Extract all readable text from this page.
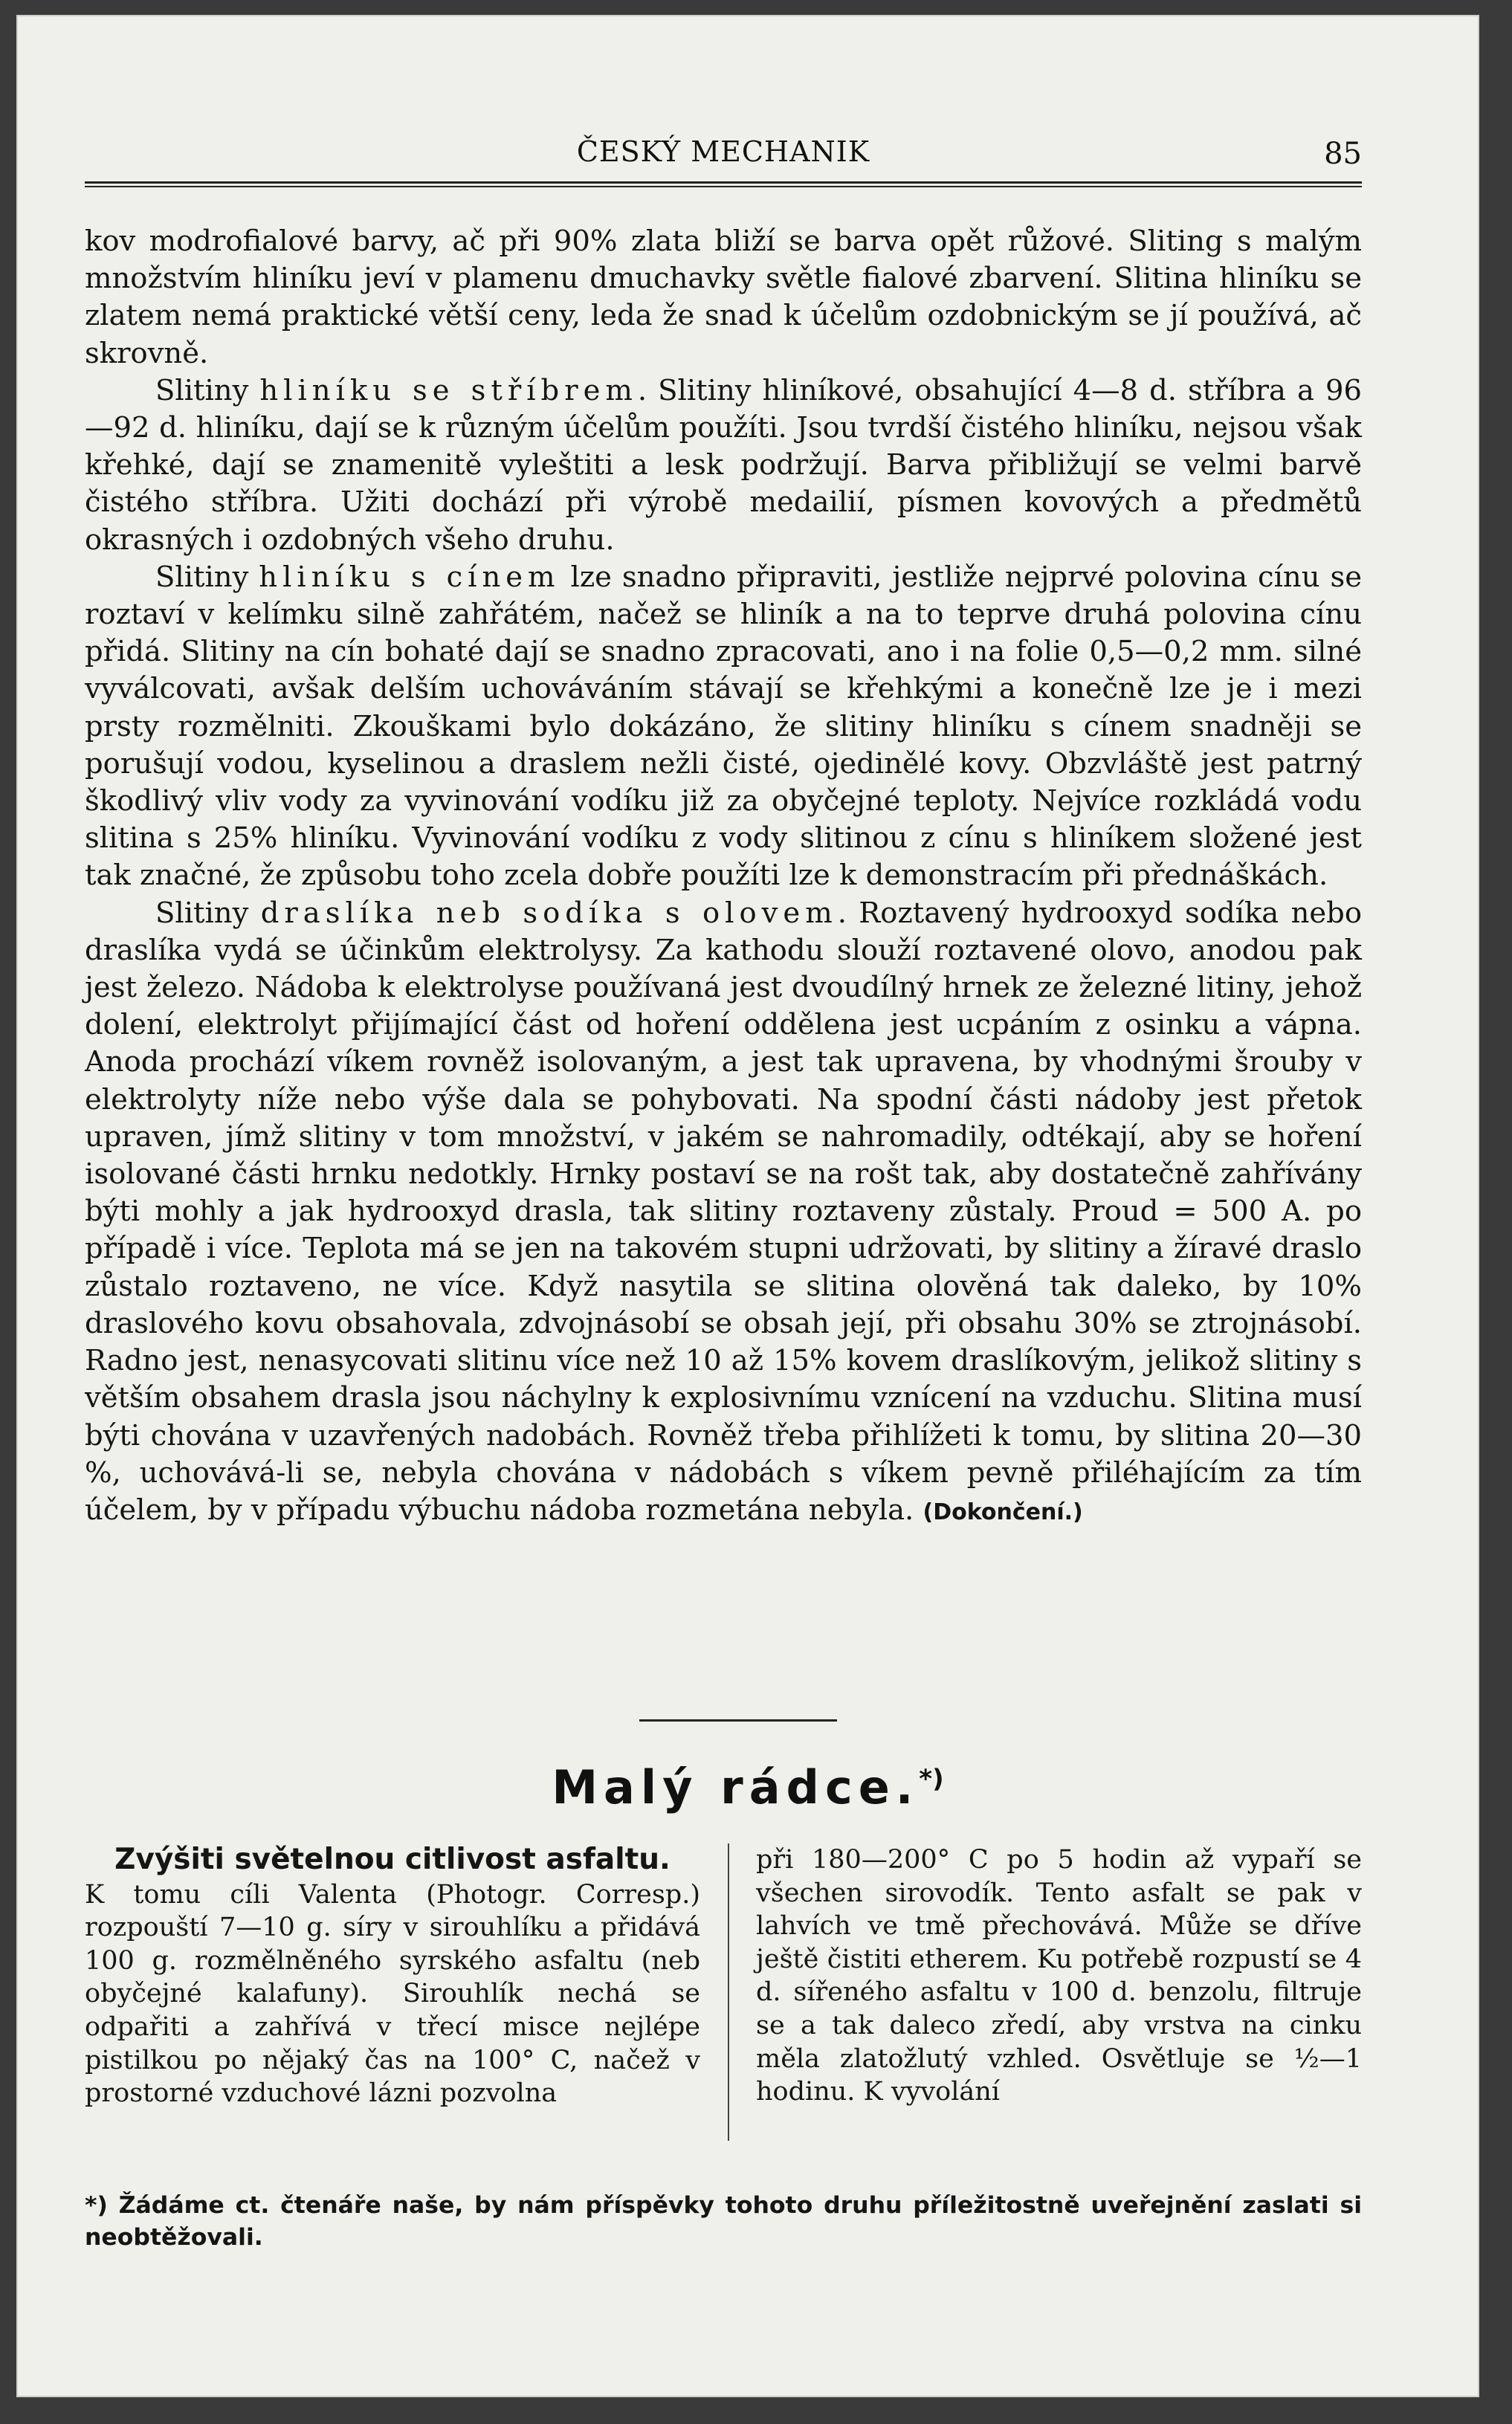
ČESKÝ MECHANIK	85

kov modrofialové barvy, ač při 90% zlata bliží se barva opět růžové. Sliting s malým množstvím hliníku jeví v plamenu dmuchavky světle fialové zbarvení. Slitina hliníku se zlatem nemá praktické větší ceny, leda že snad k účelům ozdobnickým se jí používá, ač skrovně.

Slitiny hliníku se stříbrem. Slitiny hliníkové, obsahující 4—8 d. stříbra a 96—92 d. hliníku, dají se k různým účelům použíti. Jsou tvrdší čistého hliníku, nejsou však křehké, dají se znamenitě vyleštiti a lesk podržují. Barva přibližují se velmi barvě čistého stříbra. Užiti dochází při výrobě medailií, písmen kovových a předmětů okrasných i ozdobných všeho druhu.

Slitiny hliníku s cínem lze snadno připraviti, jestliže nejprvé polovina cínu se roztaví v kelímku silně zahřátém, načež se hliník a na to teprve druhá polovina cínu přidá. Slitiny na cín bohaté dají se snadno zpracovati, ano i na folie 0,5—0,2 mm. silné vyválcovati, avšak delším uchováváním stávají se křehkými a konečně lze je i mezi prsty rozmělniti. Zkouškami bylo dokázáno, že slitiny hliníku s cínem snadněji se porušují vodou, kyselinou a draslem nežli čisté, ojedinělé kovy. Obzvláště jest patrný škodlivý vliv vody za vyvinování vodíku již za obyčejné teploty. Nejvíce rozkládá vodu slitina s 25% hliníku. Vyvinování vodíku z vody slitinou z cínu s hliníkem složené jest tak značné, že způsobu toho zcela dobře použíti lze k demonstracím při přednáškách.

Slitiny draslíka neb sodíka s olovem. Roztavený hydrooxyd sodíka nebo draslíka vydá se účinkům elektrolysy. Za kathodu slouží roztavené olovo, anodou pak jest železo. Nádoba k elektrolyse používaná jest dvoudílný hrnek ze železné litiny, jehož dolení, elektrolyt přijímající část od hoření oddělena jest ucpáním z osinku a vápna. Anoda prochází víkem rovněž isolovaným, a jest tak upravena, by vhodnými šrouby v elektrolyty níže nebo výše dala se pohybovati. Na spodní části nádoby jest přetok upraven, jímž slitiny v tom množství, v jakém se nahromadily, odtékají, aby se hoření isolované části hrnku nedotkly. Hrnky postaví se na rošt tak, aby dostatečně zahřívány býti mohly a jak hydrooxyd drasla, tak slitiny roztaveny zůstaly. Proud = 500 A. po případě i více. Teplota má se jen na takovém stupni udržovati, by slitiny a žíravé draslo zůstalo roztaveno, ne více. Když nasytila se slitina olověná tak daleko, by 10% draslového kovu obsahovala, zdvojnásobí se obsah její, při obsahu 30% se ztrojnásobí. Radno jest, nenasycovati slitinu více než 10 až 15% kovem draslíkovým, jelikož slitiny s větším obsahem drasla jsou náchylny k explosivnímu vznícení na vzduchu. Slitina musí býti chována v uzavřených nadobách. Rovněž třeba přihlížeti k tomu, by slitina 20—30 %, uchovává-li se, nebyla chována v nádobách s víkem pevně přiléhajícím za tím účelem, by v případu výbuchu nádoba rozmetána nebyla. (Dokončení.)

Malý rádce.*)
Zvýšiti světelnou citlivost asfaltu.
K tomu cíli Valenta (Photogr. Corresp.) rozpouští 7—10 g. síry v sirouhlíku a přidává 100 g. rozmělněného syrského asfaltu (neb obyčejné kalafuny). Sirouhlík nechá se odpařiti a zahřívá v třecí misce nejlépe pistilkou po nějaký čas na 100° C, načež v prostorné vzduchové lázni pozvolna
při 180—200° C po 5 hodin až vypaří se všechen sirovodík. Tento asfalt se pak v lahvích ve tmě přechovává. Může se dříve ještě čistiti etherem. Ku potřebě rozpustí se 4 d. sířeného asfaltu v 100 d. benzolu, filtruje se a tak daleco zředí, aby vrstva na cinku měla zlatožlutý vzhled. Osvětluje se ½—1 hodinu. K vyvolání
*) Žádáme ct. čtenáře naše, by nám příspěvky tohoto druhu příležitostně uveřejnění zaslati si neobtěžovali.
